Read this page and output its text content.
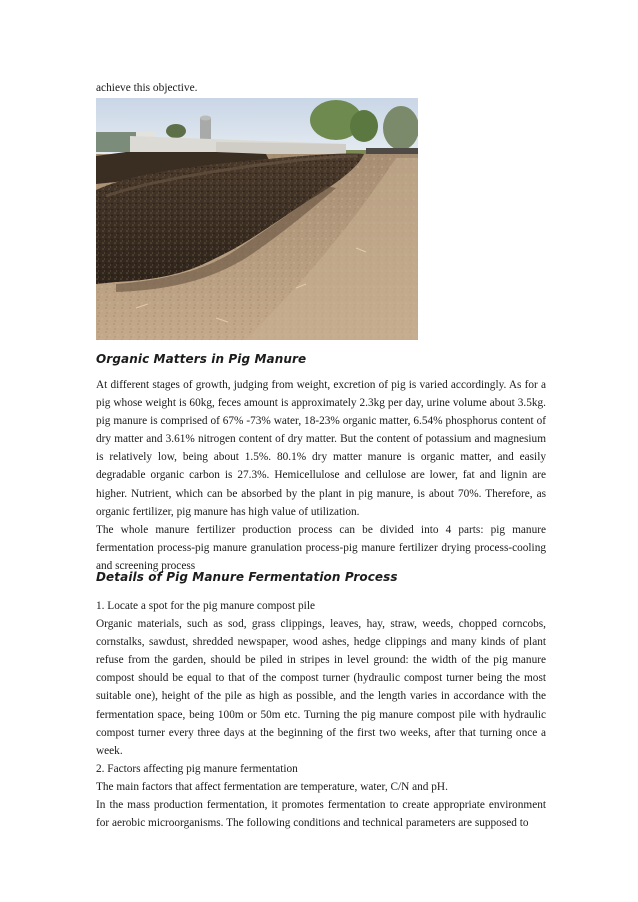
achieve this objective.

Organic Matters in Pig Manure

At different stages of growth, judging from weight, excretion of pig is varied accordingly. As for a pig whose weight is 60kg, feces amount is approximately 2.3kg per day, urine volume about 3.5kg. pig manure is comprised of 67% -73% water, 18-23% organic matter, 6.54% phosphorus content of dry matter and 3.61% nitrogen content of dry matter. But the content of potassium and magnesium is relatively low, being about 1.5%. 80.1% dry matter manure is organic matter, and easily degradable organic carbon is 27.3%. Hemicellulose and cellulose are lower, fat and lignin are higher. Nutrient, which can be absorbed by the plant in pig manure, is about 70%. Therefore, as organic fertilizer, pig manure has high value of utilization.

The whole manure fertilizer production process can be divided into 4 parts: pig manure fermentation process-pig manure granulation process-pig manure fertilizer drying process-cooling and screening process

Details of Pig Manure Fermentation Process

1. Locate a spot for the pig manure compost pile

Organic materials, such as sod, grass clippings, leaves, hay, straw, weeds, chopped corncobs, cornstalks, sawdust, shredded newspaper, wood ashes, hedge clippings and many kinds of plant refuse from the garden, should be piled in stripes in level ground: the width of the pig manure compost should be equal to that of the compost turner (hydraulic compost turner being the most suitable one), height of the pile as high as possible, and the length varies in accordance with the fermentation space, being 100m or 50m etc. Turning the pig manure compost pile with hydraulic compost turner every three days at the beginning of the first two weeks, after that turning once a week.

2. Factors affecting pig manure fermentation

The main factors that affect fermentation are temperature, water, C/N and pH.

In the mass production fermentation, it promotes fermentation to create appropriate environment for aerobic microorganisms. The following conditions and technical parameters are supposed to
